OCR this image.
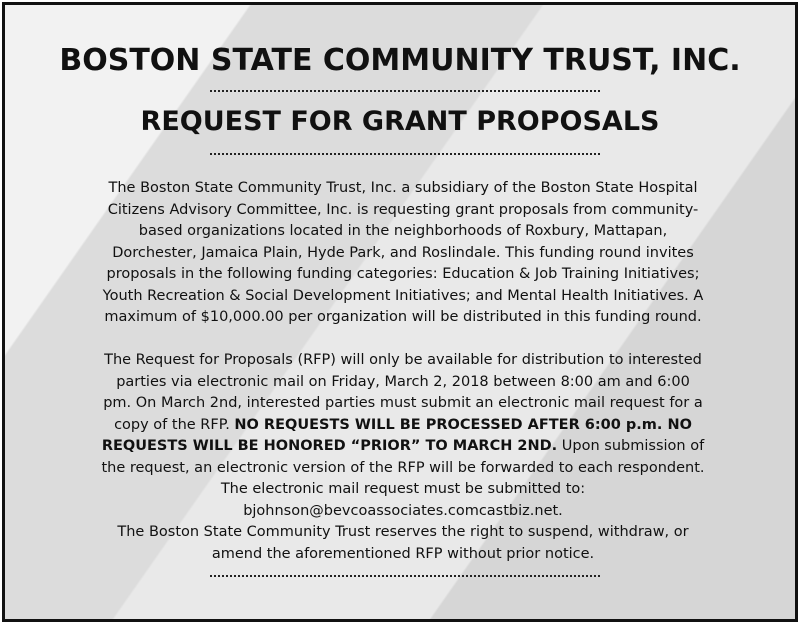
BOSTON STATE COMMUNITY TRUST, INC.
REQUEST FOR GRANT PROPOSALS
The Boston State Community Trust, Inc. a subsidiary of the Boston State Hospital Citizens Advisory Committee, Inc. is requesting grant proposals from community-based organizations located in the neighborhoods of Roxbury, Mattapan, Dorchester, Jamaica Plain, Hyde Park, and Roslindale. This funding round invites proposals in the following funding categories: Education & Job Training Initiatives; Youth Recreation & Social Development Initiatives; and Mental Health Initiatives. A maximum of $10,000.00 per organization will be distributed in this funding round.
The Request for Proposals (RFP) will only be available for distribution to interested parties via electronic mail on Friday, March 2, 2018 between 8:00 am and 6:00 pm. On March 2nd, interested parties must submit an electronic mail request for a copy of the RFP. NO REQUESTS WILL BE PROCESSED AFTER 6:00 p.m. NO REQUESTS WILL BE HONORED “PRIOR” TO MARCH 2ND. Upon submission of the request, an electronic version of the RFP will be forwarded to each respondent. The electronic mail request must be submitted to: bjohnson@bevcoassociates.comcastbiz.net.
The Boston State Community Trust reserves the right to suspend, withdraw, or amend the aforementioned RFP without prior notice.
